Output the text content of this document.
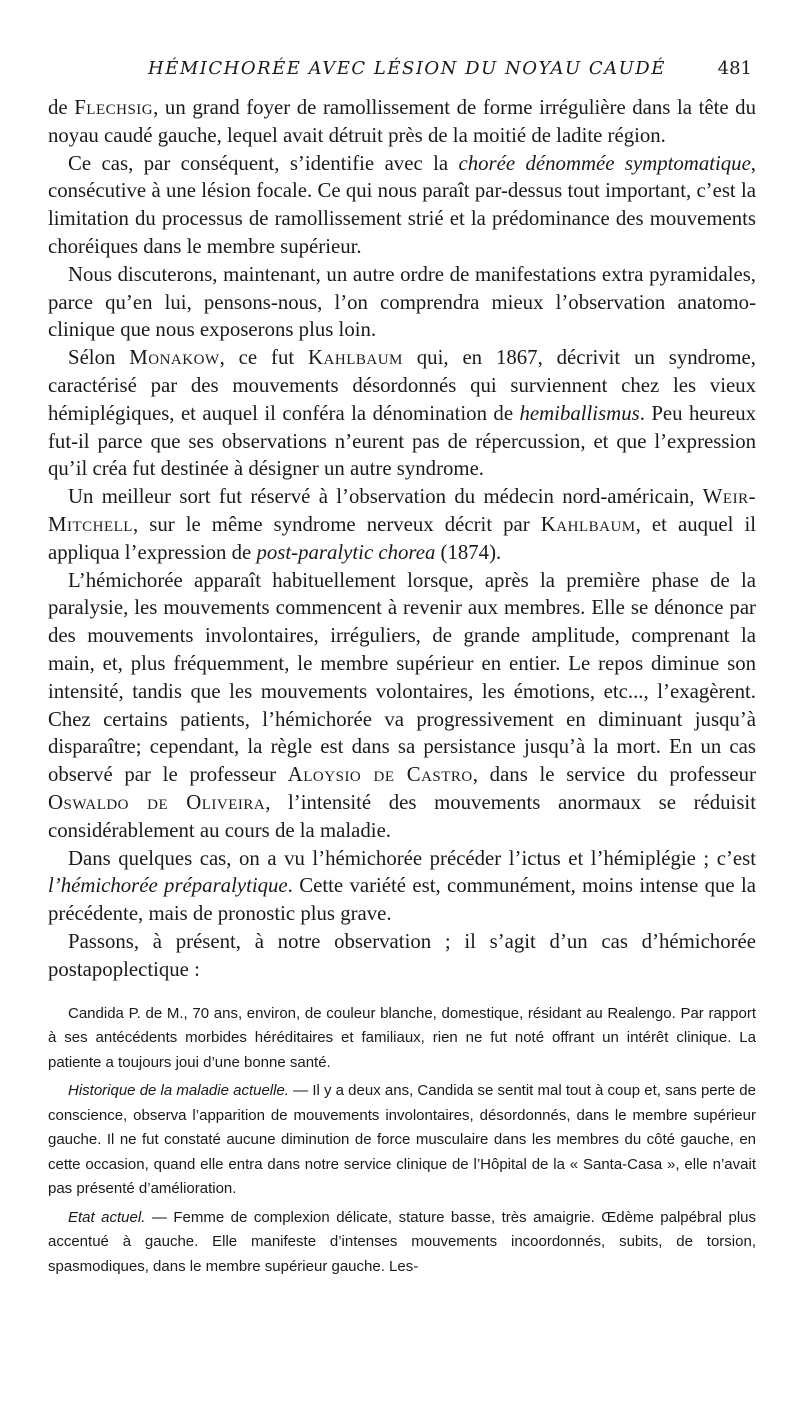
HÉMICHORÉE AVEC LÉSION DU NOYAU CAUDÉ	481

de Flechsig, un grand foyer de ramollissement de forme irrégulière dans la tête du noyau caudé gauche, lequel avait détruit près de la moitié de ladite région.

Ce cas, par conséquent, s’identifie avec la chorée dénommée symptomatique, consécutive à une lésion focale. Ce qui nous paraît par-dessus tout important, c’est la limitation du processus de ramollissement strié et la prédominance des mouvements choréiques dans le membre supérieur.

Nous discuterons, maintenant, un autre ordre de manifestations extra pyramidales, parce qu’en lui, pensons-nous, l’on comprendra mieux l’observation anatomo-clinique que nous exposerons plus loin.

Sélon Monakow, ce fut Kahlbaum qui, en 1867, décrivit un syndrome, caractérisé par des mouvements désordonnés qui surviennent chez les vieux hémiplégiques, et auquel il conféra la dénomination de hemiballismus. Peu heureux fut-il parce que ses observations n’eurent pas de répercussion, et que l’expression qu’il créa fut destinée à désigner un autre syndrome.

Un meilleur sort fut réservé à l’observation du médecin nord-américain, Weir-Mitchell, sur le même syndrome nerveux décrit par Kahlbaum, et auquel il appliqua l’expression de post-paralytic chorea (1874).

L’hémichorée apparaît habituellement lorsque, après la première phase de la paralysie, les mouvements commencent à revenir aux membres. Elle se dénonce par des mouvements involontaires, irréguliers, de grande amplitude, comprenant la main, et, plus fréquemment, le membre supérieur en entier. Le repos diminue son intensité, tandis que les mouvements volontaires, les émotions, etc..., l’exagèrent. Chez certains patients, l’hémichorée va progressivement en diminuant jusqu’à disparaître; cependant, la règle est dans sa persistance jusqu’à la mort. En un cas observé par le professeur Aloysio de Castro, dans le service du professeur Oswaldo de Oliveira, l’intensité des mouvements anormaux se réduisit considérablement au cours de la maladie.

Dans quelques cas, on a vu l’hémichorée précéder l’ictus et l’hémiplégie ; c’est l’hémichorée préparalytique. Cette variété est, communément, moins intense que la précédente, mais de pronostic plus grave.

Passons, à présent, à notre observation ; il s’agit d’un cas d’hémichorée postapoplectique :

Candida P. de M., 70 ans, environ, de couleur blanche, domestique, résidant au Realengo. Par rapport à ses antécédents morbides héréditaires et familiaux, rien ne fut noté offrant un intérêt clinique. La patiente a toujours joui d’une bonne santé.

Historique de la maladie actuelle. — Il y a deux ans, Candida se sentit mal tout à coup et, sans perte de conscience, observa l’apparition de mouvements involontaires, désordonnés, dans le membre supérieur gauche. Il ne fut constaté aucune diminution de force musculaire dans les membres du côté gauche, en cette occasion, quand elle entra dans notre service clinique de l’Hôpital de la « Santa-Casa », elle n’avait pas présenté d’amélioration.

Etat actuel. — Femme de complexion délicate, stature basse, très amaigrie. Œdème palpébral plus accentué à gauche. Elle manifeste d’intenses mouvements incoordonnés, subits, de torsion, spasmodiques, dans le membre supérieur gauche. Les-
